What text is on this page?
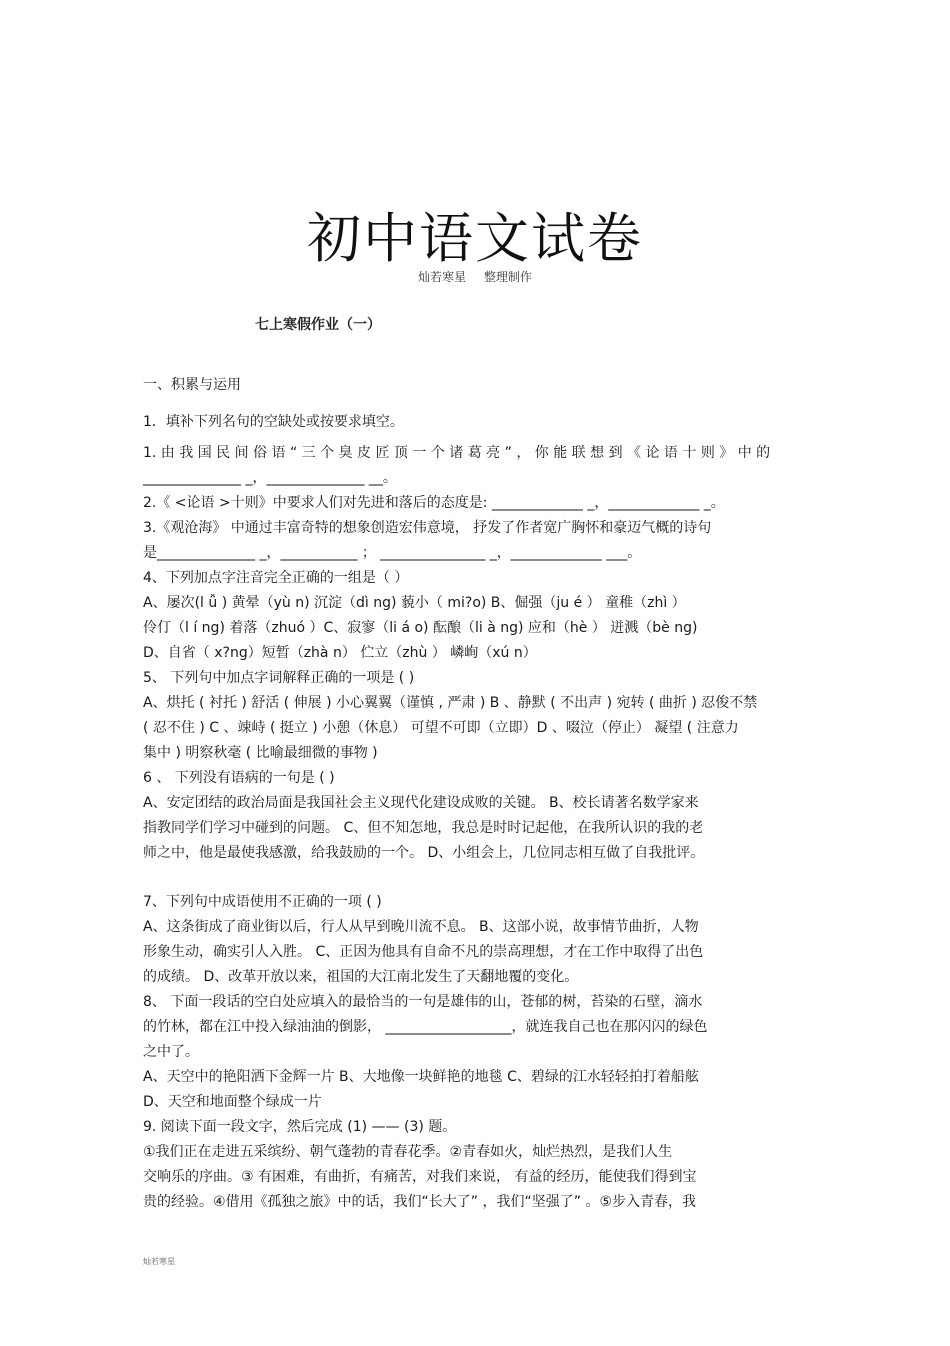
初中语文试卷
灿若寒星 整理制作
七上寒假作业（一）
一、积累与运用
1．填补下列名句的空缺处或按要求填空。
1. 由 我 国 民 间 俗 语 “ 三 个 臭 皮 匠 顶 一 个 诸 葛 亮 ” ， 你 能 联 想 到 《 论 语 十 则 》 中 的
______________ _，______________ __。
2.《 <论语 >十则》中要求人们对先进和落后的态度是: _____________ _，_____________ _。
3.《观沧海》 中通过丰富奇特的想象创造宏伟意境， 抒发了作者宽广胸怀和豪迈气概的诗句
是______________ _，___________ ； _______________ _，_____________ ___。
4、下列加点字注音完全正确的一组是（ ）
A、屡次(l ǚ ) 黄晕（yù n) 沉淀（dì ng) 藐小（ mi?o) B、倔强（ju é ） 童稚（zhì ）
伶仃（l í ng) 着落（zhuó ）C、寂寥（li á o) 酝酿（li à ng) 应和（hè ） 迸溅（bè ng)
D、自省（ x?ng）短暂（zhà n） 伫立（zhù ） 嶙峋（xú n）
5、 下列句中加点字词解释正确的一项是 ( )
A、烘托 ( 衬托 ) 舒活 ( 伸展 ) 小心翼翼（谨慎 , 严肃 ) B 、静默 ( 不出声 ) 宛转 ( 曲折 ) 忍俊不禁
( 忍不住 ) C 、竦峙 ( 挺立 ) 小憩（休息） 可望不可即（立即）D 、啜泣（停止） 凝望 ( 注意力
集中 ) 明察秋毫 ( 比喻最细微的事物 )
6 、 下列没有语病的一句是 ( )
A、安定团结的政治局面是我国社会主义现代化建设成败的关键。 B、校长请著名数学家来
指教同学们学习中碰到的问题。 C、但不知怎地，我总是时时记起他，在我所认识的我的老
师之中，他是最使我感激，给我鼓励的一个。 D、小组会上，几位同志相互做了自我批评。
7、下列句中成语使用不正确的一项 ( )
A、这条街成了商业街以后，行人从早到晚川流不息。 B、这部小说，故事情节曲折，人物
形象生动，确实引人入胜。 C、正因为他具有自命不凡的崇高理想，才在工作中取得了出色
的成绩。 D、改革开放以来，祖国的大江南北发生了天翻地覆的变化。
8、 下面一段话的空白处应填入的最恰当的一句是雄伟的山，苍郁的树，苔染的石壁，滴水
的竹林，都在江中投入绿油油的倒影， __________________，就连我自己也在那闪闪的绿色
之中了。
A、天空中的艳阳洒下金辉一片 B、大地像一块鲜艳的地毯 C、碧绿的江水轻轻拍打着船舷
D、天空和地面整个绿成一片
9. 阅读下面一段文字，然后完成 (1) —— (3) 题。
①我们正在走进五采缤纷、朝气蓬勃的青春花季。②青春如火，灿烂热烈，是我们人生
交响乐的序曲。③ 有困难，有曲折，有痛苦，对我们来说， 有益的经历，能使我们得到宝
贵的经验。④借用《孤独之旅》中的话，我们“长大了” ，我们“坚强了” 。⑤步入青春，我
灿若寒星
